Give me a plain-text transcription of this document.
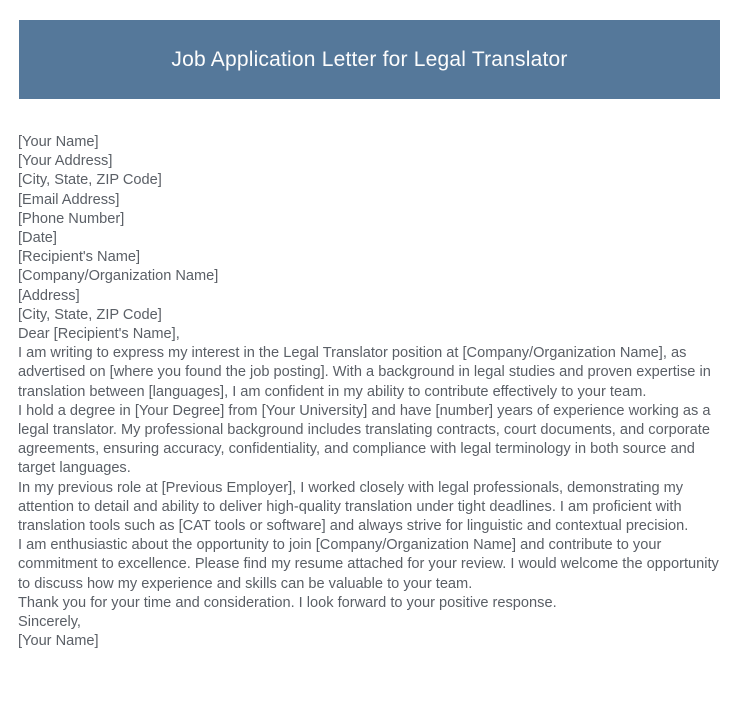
Job Application Letter for Legal Translator
[Your Name]
[Your Address]
[City, State, ZIP Code]
[Email Address]
[Phone Number]
[Date]
[Recipient's Name]
[Company/Organization Name]
[Address]
[City, State, ZIP Code]
Dear [Recipient's Name],

I am writing to express my interest in the Legal Translator position at [Company/Organization Name], as advertised on [where you found the job posting]. With a background in legal studies and proven expertise in translation between [languages], I am confident in my ability to contribute effectively to your team.

I hold a degree in [Your Degree] from [Your University] and have [number] years of experience working as a legal translator. My professional background includes translating contracts, court documents, and corporate agreements, ensuring accuracy, confidentiality, and compliance with legal terminology in both source and target languages.

In my previous role at [Previous Employer], I worked closely with legal professionals, demonstrating my attention to detail and ability to deliver high-quality translation under tight deadlines. I am proficient with translation tools such as [CAT tools or software] and always strive for linguistic and contextual precision.

I am enthusiastic about the opportunity to join [Company/Organization Name] and contribute to your commitment to excellence. Please find my resume attached for your review. I would welcome the opportunity to discuss how my experience and skills can be valuable to your team.

Thank you for your time and consideration. I look forward to your positive response.

Sincerely,
[Your Name]
